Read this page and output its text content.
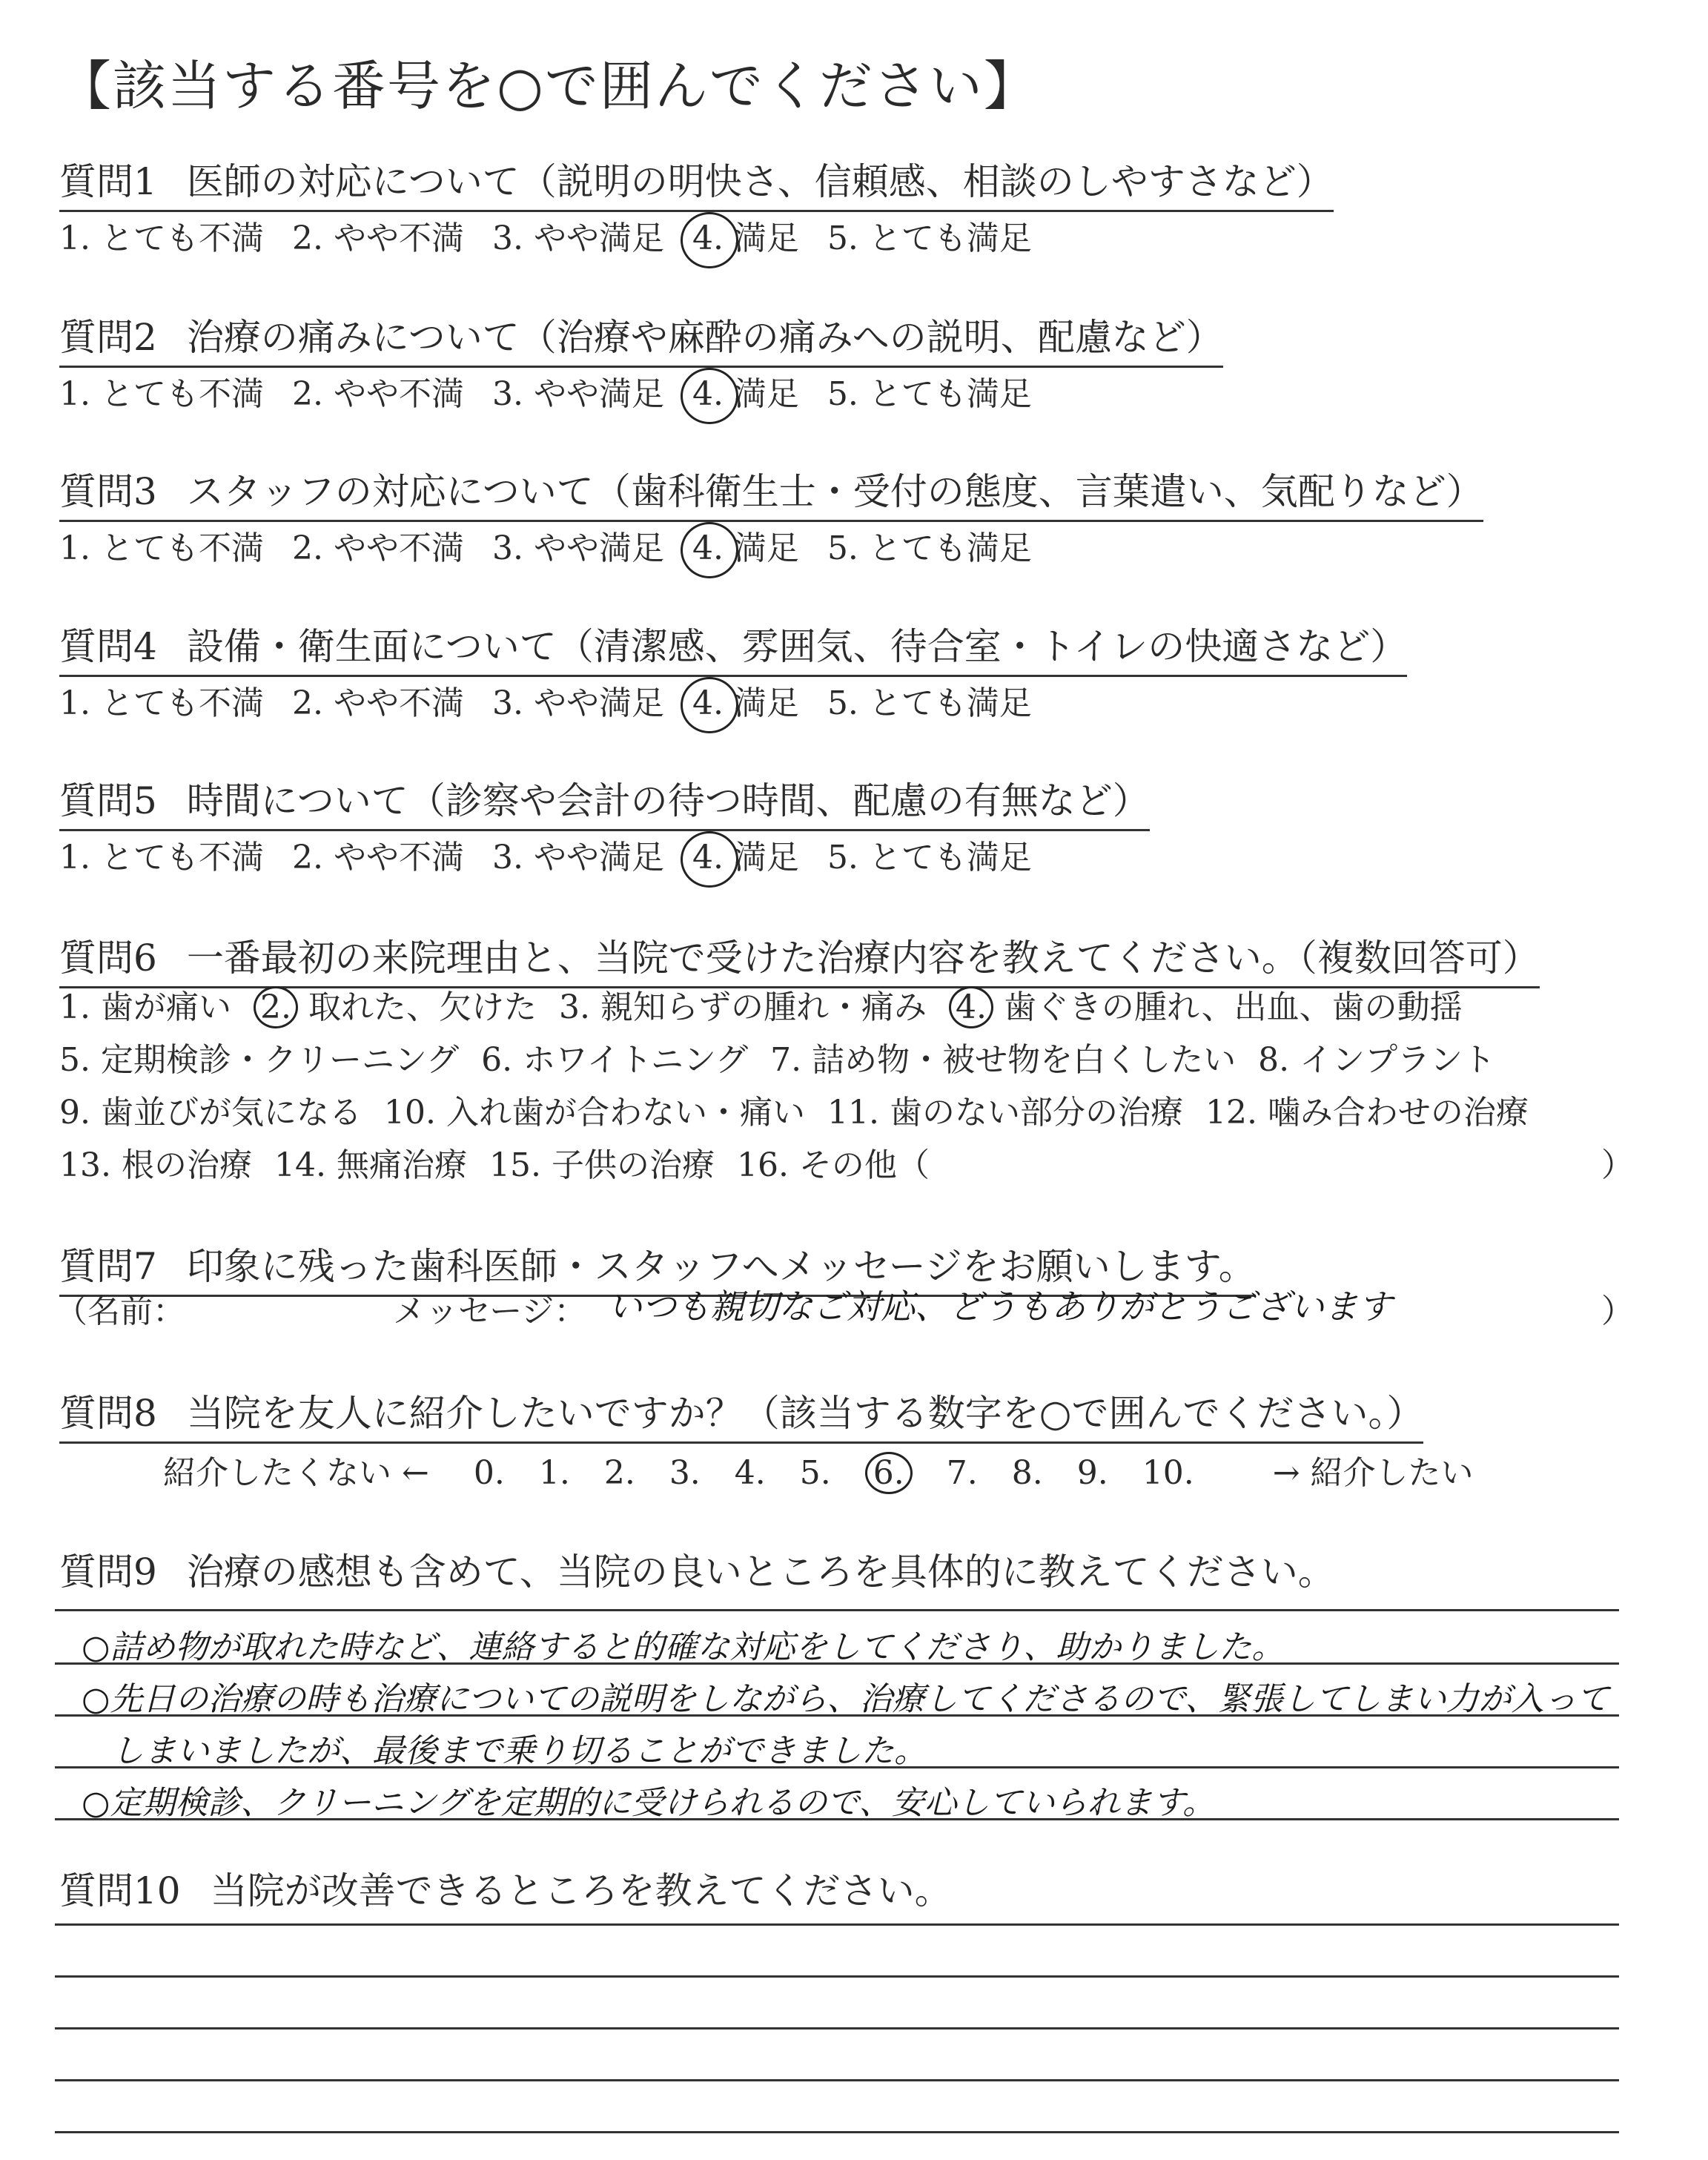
【該当する番号を○で囲んでください】
質問1 医師の対応について（説明の明快さ、信頼感、相談のしやすさなど）
1. とても不満 2. やや不満 3. やや満足 4. 満足 5. とても満足
質問2 治療の痛みについて（治療や麻酔の痛みへの説明、配慮など）
1. とても不満 2. やや不満 3. やや満足 4. 満足 5. とても満足
質問3 スタッフの対応について（歯科衛生士・受付の態度、言葉遣い、気配りなど）
1. とても不満 2. やや不満 3. やや満足 4. 満足 5. とても満足
質問4 設備・衛生面について（清潔感、雰囲気、待合室・トイレの快適さなど）
1. とても不満 2. やや不満 3. やや満足 4. 満足 5. とても満足
質問5 時間について（診察や会計の待つ時間、配慮の有無など）
1. とても不満 2. やや不満 3. やや満足 4. 満足 5. とても満足
質問6 一番最初の来院理由と、当院で受けた治療内容を教えてください。（複数回答可）
1. 歯が痛い 2. 取れた、欠けた 3. 親知らずの腫れ・痛み 4. 歯ぐきの腫れ、出血、歯の動揺
5. 定期検診・クリーニング 6. ホワイトニング 7. 詰め物・被せ物を白くしたい 8. インプラント
9. 歯並びが気になる 10. 入れ歯が合わない・痛い 11. 歯のない部分の治療 12. 噛み合わせの治療
13. 根の治療 14. 無痛治療 15. 子供の治療 16. その他（	）
質問7 印象に残った歯科医師・スタッフへメッセージをお願いします。
（名前：	メッセージ： いつも親切なご対応、どうもありがとうございます	）
質問8 当院を友人に紹介したいですか？（該当する数字を○で囲んでください。）
紹介したくない ← 0. 1. 2. 3. 4. 5. 6. 7. 8. 9. 10. → 紹介したい
質問9 治療の感想も含めて、当院の良いところを具体的に教えてください。
○詰め物が取れた時など、連絡すると的確な対応をしてくださり、助かりました。
○先日の治療の時も治療についての説明をしながら、治療してくださるので、緊張してしまい力が入って
しまいましたが、最後まで乗り切ることができました。
○定期検診、クリーニングを定期的に受けられるので、安心していられます。
質問10 当院が改善できるところを教えてください。
